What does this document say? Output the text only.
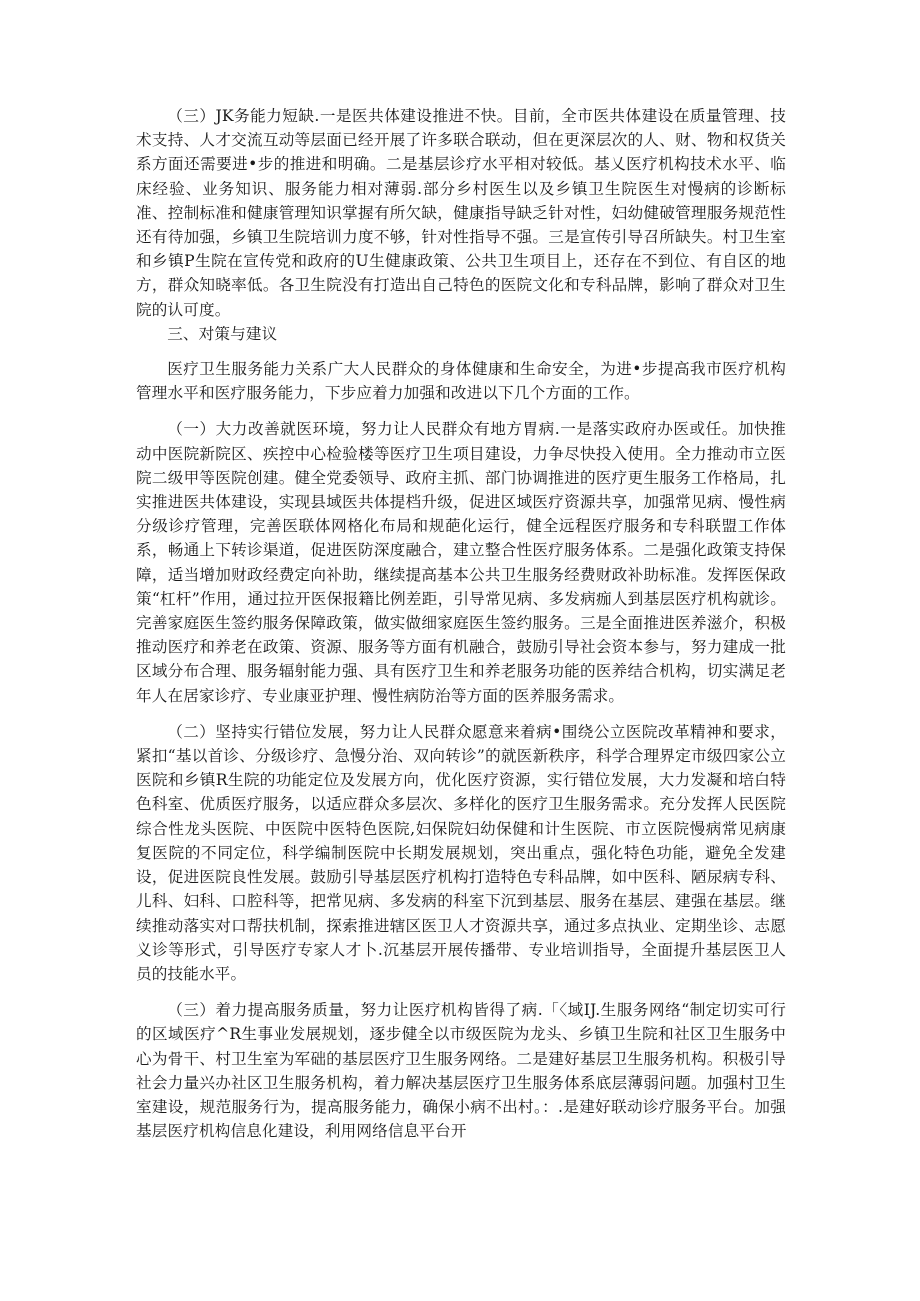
（三）JK务能力短缺.一是医共体建设推进不快。目前，全市医共体建设在质量管理、技术支持、人才交流互动等层面已经开展了许多联合联动，但在更深层次的人、财、物和权货关系方面还需要进•步的推进和明确。二是基层诊疗水平相对较低。基乂医疗机构技术水平、临床经验、业务知识、服务能力相对薄弱.部分乡村医生以及乡镇卫生院医生对慢病的诊断标准、控制标准和健康管理知识掌握有所欠缺，健康指导缺乏针对性，妇幼健破管理服务规范性还有待加强，乡镇卫生院培训力度不够，针对性指导不强。三是宣传引导召所缺失。村卫生室和乡镇P生院在宣传党和政府的U生健康政策、公共卫生项目上，还存在不到位、有自区的地方，群众知晓率低。各卫生院没有打造出自己特色的医院文化和专科品牌，影响了群众对卫生院的认可度。

三、对策与建议

医疗卫生服务能力关系广大人民群众的身体健康和生命安全，为进•步提高我市医疗机构管理水平和医疗服务能力，下步应着力加强和改进以下几个方面的工作。

（一）大力改善就医环境，努力让人民群众有地方胃病.一是落实政府办医或任。加快推动中医院新院区、疾控中心检验楼等医疗卫生项目建设，力争尽快投入使用。全力推动市立医院二级甲等医院创建。健全党委领导、政府主抓、部门协调推进的医疗更生服务工作格局，扎实推进医共体建设，实现县域医共体提档升级，促进区域医疗资源共享，加强常见病、慢性病分级诊疗管理，完善医联体网格化布局和规葩化运行，健全远程医疗服务和专科联盟工作体系，畅通上下转诊渠道，促进医防深度融合，建立整合性医疗服务体系。二是强化政策支持保障，适当增加财政经费定向补助，继续提高基本公共卫生服务经费财政补助标准。发挥医保政策“杠杆”作用，通过拉开医保报籍比例差距，引导常见病、多发病痂人到基层医疗机构就诊。完善家庭医生签约服务保障政策，做实做细家庭医生签约服务。三是全面推进医养滋介，积极推动医疗和养老在政策、资源、服务等方面有机融合，鼓励引导社会资本参与，努力建成一批区域分布合理、服务辐射能力强、具有医疗卫生和养老服务功能的医养结合机构，切实满足老年人在居家诊疗、专业康亚护理、慢性病防治等方面的医养服务需求。

（二）坚持实行错位发展，努力让人民群众愿意来着病•围绕公立医院改革精神和要求，紧扣“基以首诊、分级诊疗、急慢分治、双向转诊”的就医新秩序，科学合理界定市级四家公立医院和乡镇R生院的功能定位及发展方向，优化医疗资源，实行错位发展，大力发凝和培白特色科室、优质医疗服务，以适应群众多层次、多样化的医疗卫生服务需求。充分发挥人民医院综合性龙头医院、中医院中医特色医院,妇保院妇幼保健和计生医院、市立医院慢病常见病康复医院的不同定位，科学编制医院中长期发展规划，突出重点，强化特色功能，避免全发建设，促进医院良性发展。鼓励引导基层医疗机构打造特色专科品牌，如中医科、陋尿病专科、儿科、妇科、口腔科等，把常见病、多发病的科室下沉到基层、服务在基层、建强在基层。继续推动落实对口帮扶机制，探索推进辖区医卫人才资源共享，通过多点执业、定期坐诊、志愿义诊等形式，引导医疗专家人才卜.沉基层开展传播带、专业培训指导，全面提升基层医卫人员的技能水平。

（三）着力提高服务质量，努力让医疗机构皆得了病.「〈域IJ.生服务网络“制定切实可行的区域医疗^R生事业发展规划，逐步健全以市级医院为龙头、乡镇卫生院和社区卫生服务中心为骨干、村卫生室为军础的基层医疗卫生服务网络。二是建好基层卫生服务机构。积极引导社会力量兴办社区卫生服务机构，着力解决基层医疗卫生服务体系底层薄弱问题。加强村卫生室建设，规范服务行为，提高服务能力，确保小病不出村。：.是建好联动诊疗服务平台。加强基层医疗机构信息化建设，利用网络信息平台开
